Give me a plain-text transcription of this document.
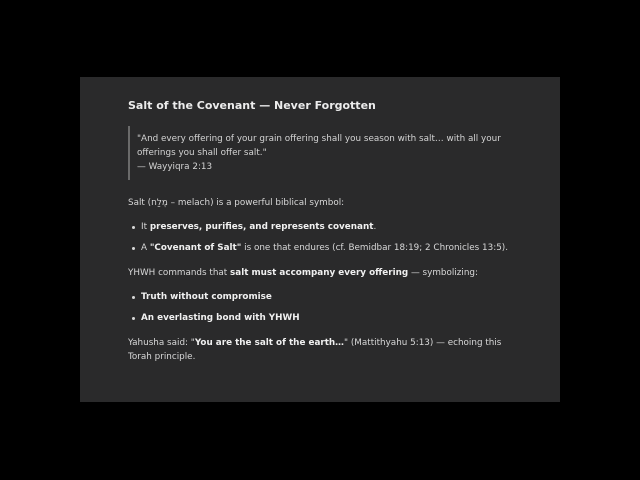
Salt of the Covenant — Never Forgotten
"And every offering of your grain offering shall you season with salt… with all your
offerings you shall offer salt."
— Wayyiqra 2:13

Salt (מֶלַח – melach) is a powerful biblical symbol:

It preserves, purifies, and represents covenant.
A "Covenant of Salt" is one that endures (cf. Bemidbar 18:19; 2 Chronicles 13:5).

YHWH commands that salt must accompany every offering — symbolizing:

Truth without compromise
An everlasting bond with YHWH

Yahusha said: "You are the salt of the earth…" (Mattithyahu 5:13) — echoing this
Torah principle.
